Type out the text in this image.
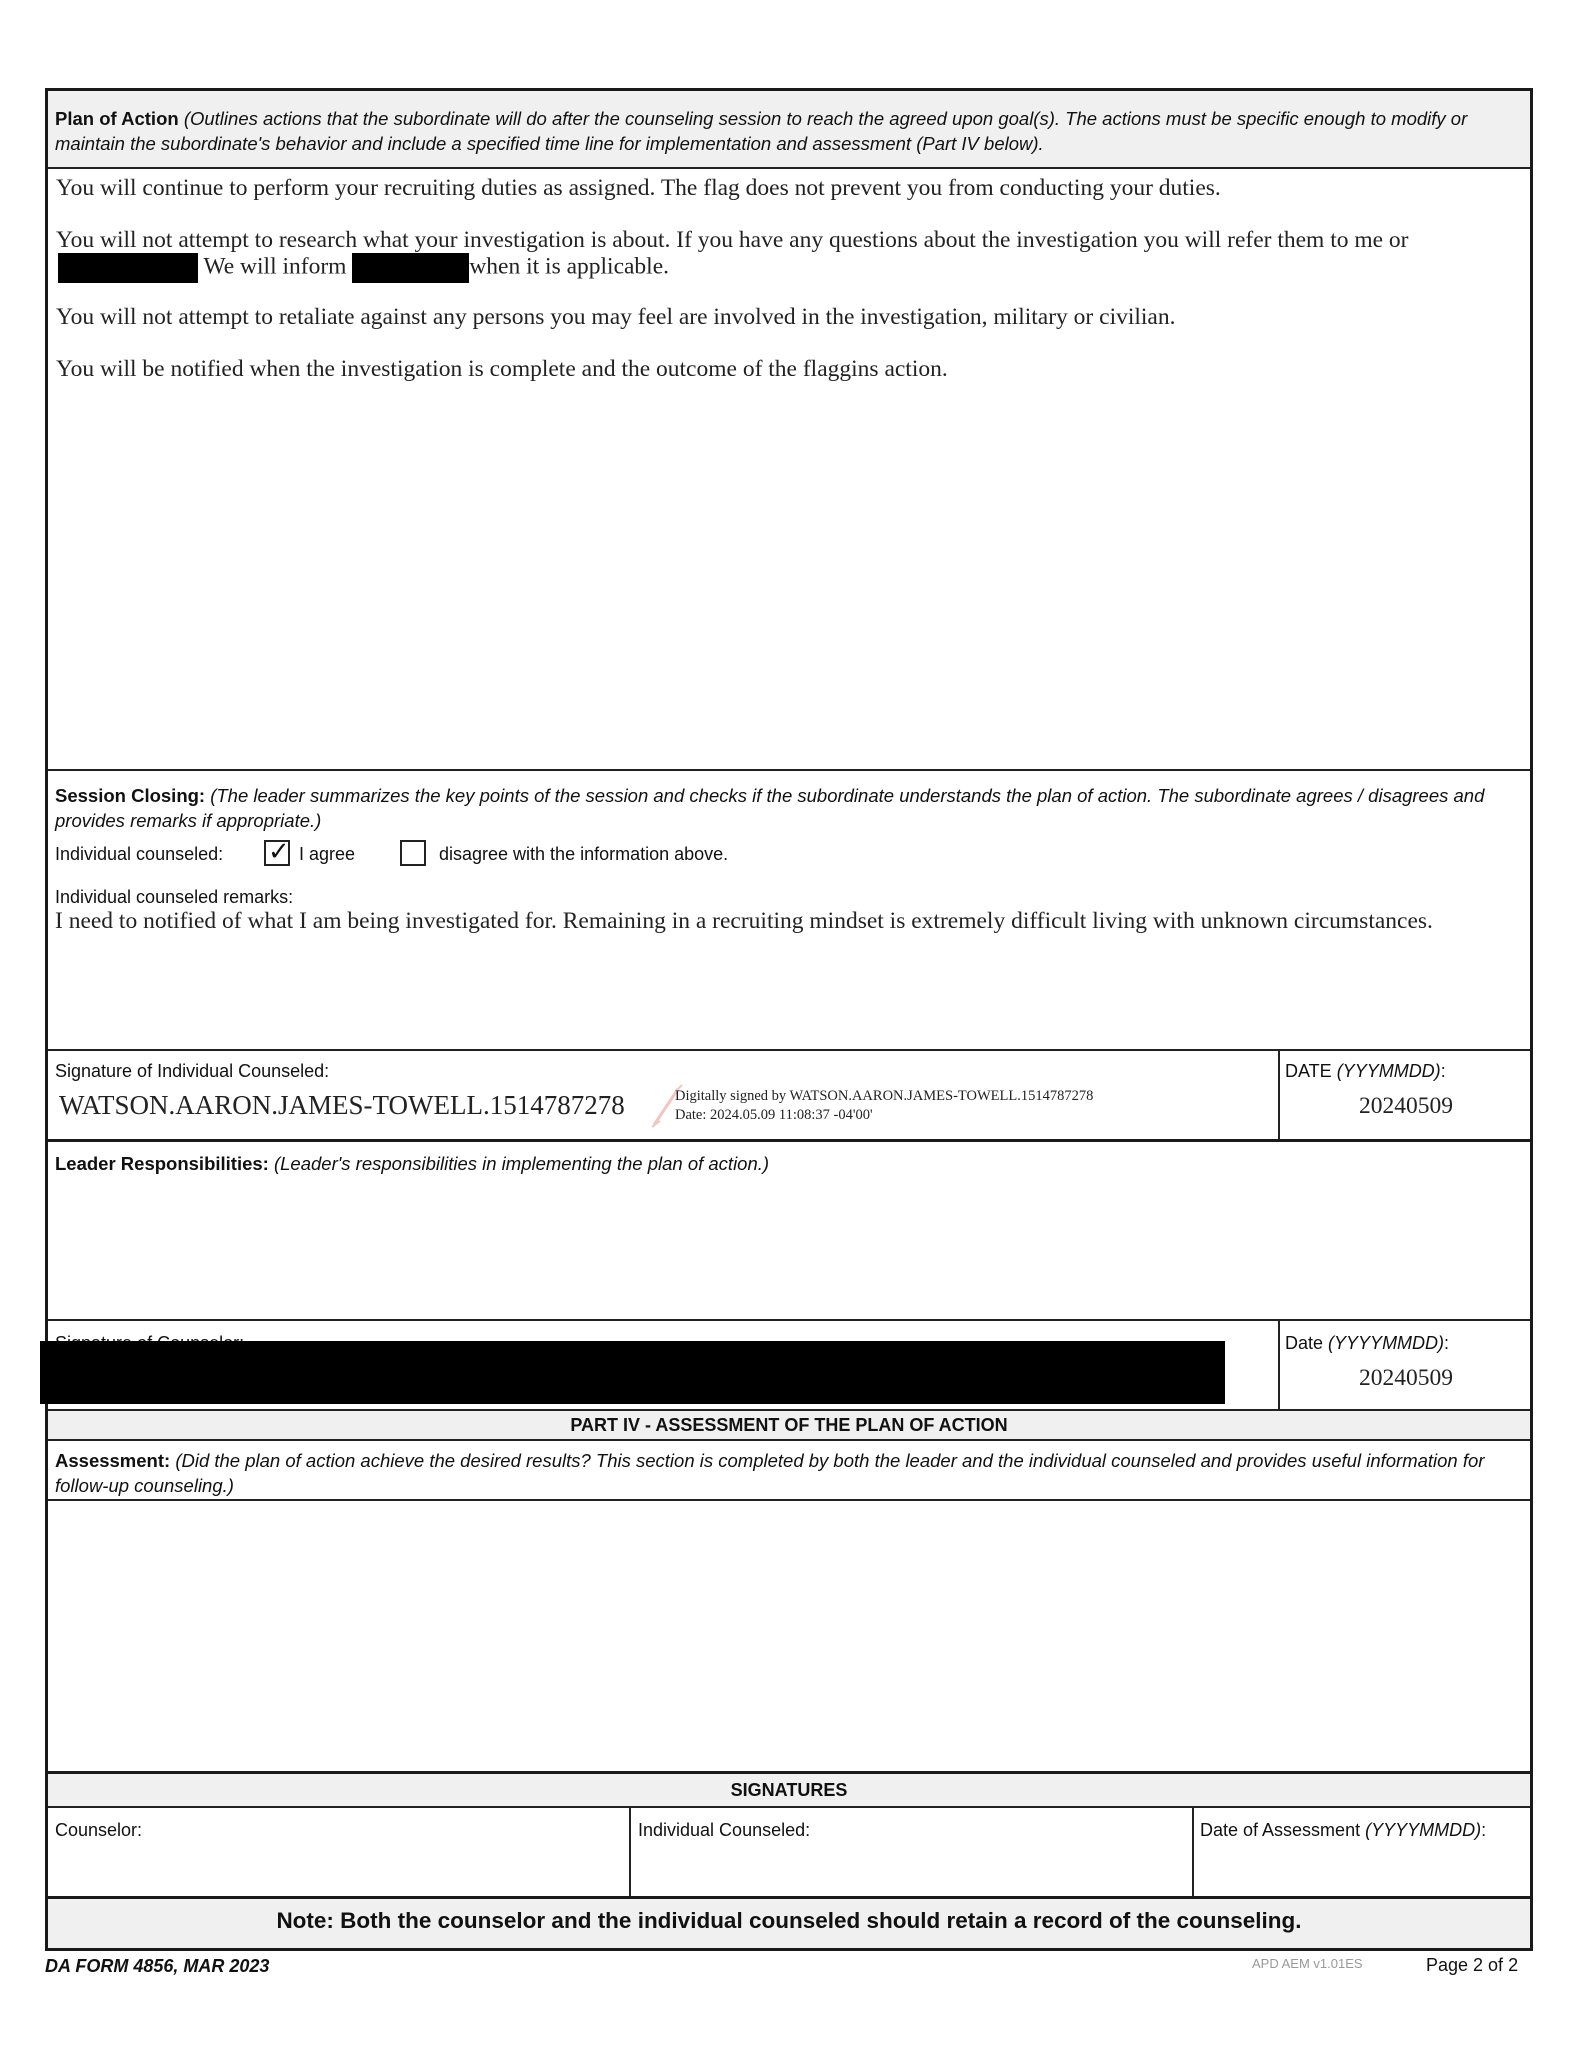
Plan of Action (Outlines actions that the subordinate will do after the counseling session to reach the agreed upon goal(s). The actions must be specific enough to modify or maintain the subordinate's behavior and include a specified time line for implementation and assessment (Part IV below).
You will continue to perform your recruiting duties as assigned. The flag does not prevent you from conducting your duties.
You will not attempt to research what your investigation is about. If you have any questions about the investigation you will refer them to me or We will inform	when it is applicable.
You will not attempt to retaliate against any persons you may feel are involved in the investigation, military or civilian.
You will be notified when the investigation is complete and the outcome of the flaggins action.
Session Closing: (The leader summarizes the key points of the session and checks if the subordinate understands the plan of action. The subordinate agrees / disagrees and provides remarks if appropriate.)
Individual counseled: ✓ I agree	disagree with the information above.
Individual counseled remarks:
I need to notified of what I am being investigated for. Remaining in a recruiting mindset is extremely difficult living with unknown circumstances.
Signature of Individual Counseled:
WATSON.AARON.JAMES-TOWELL.1514787278	Digitally signed by WATSON.AARON.JAMES-TOWELL.1514787278
Date: 2024.05.09 11:08:37 -04'00'
DATE (YYYMMDD):
20240509
Leader Responsibilities: (Leader's responsibilities in implementing the plan of action.)
Date (YYYYMMDD):
20240509
PART IV - ASSESSMENT OF THE PLAN OF ACTION
Assessment: (Did the plan of action achieve the desired results? This section is completed by both the leader and the individual counseled and provides useful information for follow-up counseling.)
SIGNATURES
Counselor:	Individual Counseled:	Date of Assessment (YYYYMMDD):
Note: Both the counselor and the individual counseled should retain a record of the counseling.
DA FORM 4856, MAR 2023	APD AEM v1.01ES	Page 2 of 2
